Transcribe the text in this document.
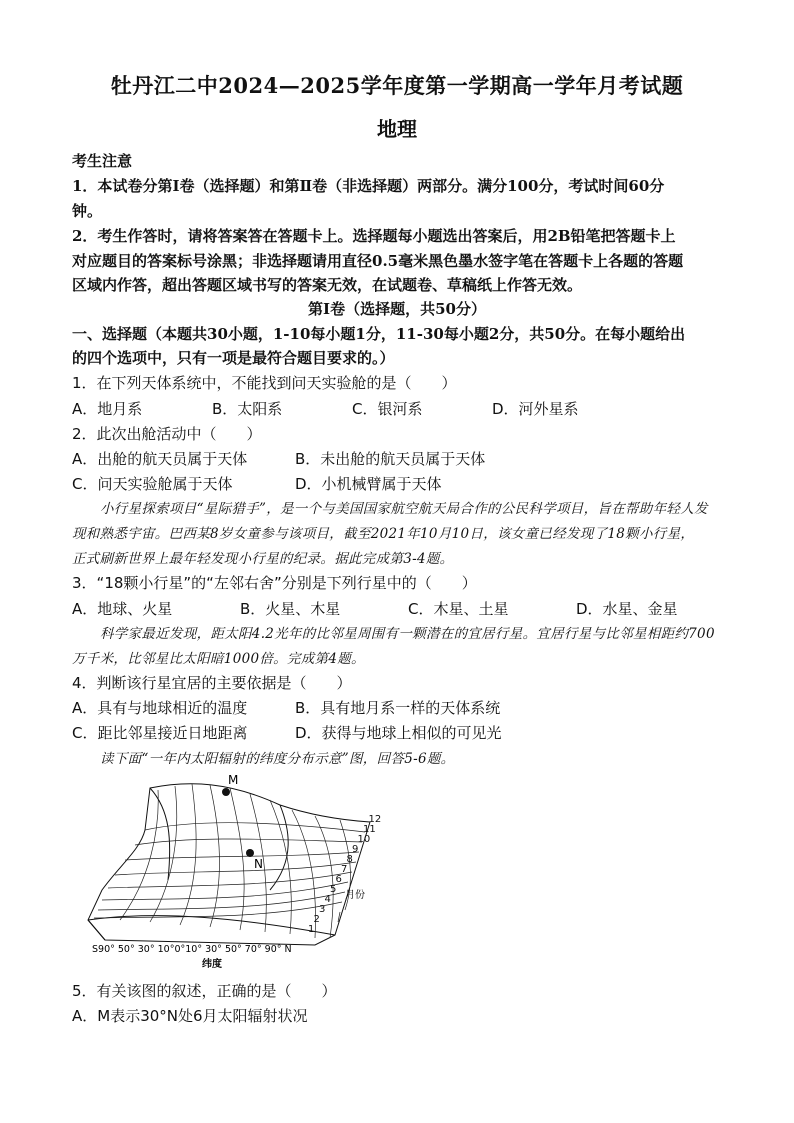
牡丹江二中2024—2025学年度第一学期高一学年月考试题
地理
考生注意
1．本试卷分第Ⅰ卷（选择题）和第Ⅱ卷（非选择题）两部分。满分100分，考试时间60分
钟。
2．考生作答时，请将答案答在答题卡上。选择题每小题选出答案后，用2B铅笔把答题卡上
对应题目的答案标号涂黑；非选择题请用直径0.5毫米黑色墨水签字笔在答题卡上各题的答题
区域内作答，超出答题区域书写的答案无效，在试题卷、草稿纸上作答无效。
第Ⅰ卷（选择题，共50分）
一、选择题（本题共30小题，1-10每小题1分，11-30每小题2分，共50分。在每小题给出
的四个选项中，只有一项是最符合题目要求的。）
1．在下列天体系统中，不能找到问天实验舱的是（　　）
A．地月系	B．太阳系	C．银河系	D．河外星系
2．此次出舱活动中（　　）
A．出舱的航天员属于天体	B．未出舱的航天员属于天体
C．问天实验舱属于天体	D．小机械臂属于天体
小行星探索项目“星际猎手”，是一个与美国国家航空航天局合作的公民科学项目，旨在帮助年轻人发
现和熟悉宇宙。巴西某8岁女童参与该项目，截至2021年10月10日，该女童已经发现了18颗小行星，
正式刷新世界上最年轻发现小行星的纪录。据此完成第3-4题。
3．“18颗小行星”的“左邻右舍”分别是下列行星中的（　　）
A．地球、火星	B．火星、木星	C．木星、土星	D．水星、金星
科学家最近发现，距太阳4.2光年的比邻星周围有一颗潜在的宜居行星。宜居行星与比邻星相距约700
万千米，比邻星比太阳暗1000倍。完成第4题。
4．判断该行星宜居的主要依据是（　　）
A．具有与地球相近的温度	B．具有地月系一样的天体系统
C．距比邻星接近日地距离	D．获得与地球上相似的可见光
读下面“一年内太阳辐射的纬度分布示意”图，回答5-6题。
M
N
1
2
3
4
5
6
7
8
9
10
11
12
月份
S90° 50° 30° 10°0°10° 30° 50° 70° 90° N
纬度
5．有关该图的叙述，正确的是（　　）
A．M表示30°N处6月太阳辐射状况
